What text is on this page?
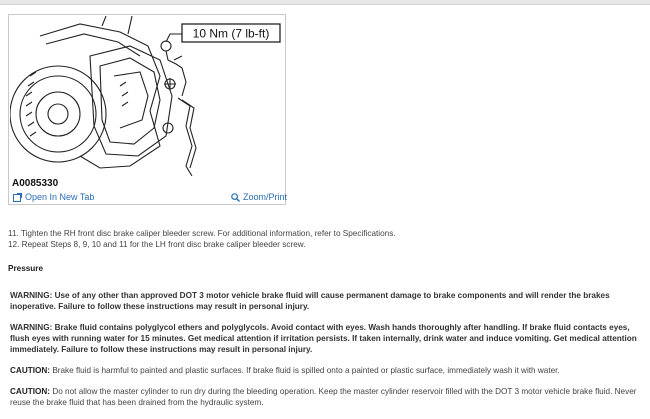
10 Nm (7 lb-ft)
A0085330
Open In New Tab	Zoom/Print

11. Tighten the RH front disc brake caliper bleeder screw. For additional information, refer to Specifications.

12. Repeat Steps 8, 9, 10 and 11 for the LH front disc brake caliper bleeder screw.

Pressure

WARNING: Use of any other than approved DOT 3 motor vehicle brake fluid will cause permanent damage to brake components and will render the brakes inoperative. Failure to follow these instructions may result in personal injury.

WARNING: Brake fluid contains polyglycol ethers and polyglycols. Avoid contact with eyes. Wash hands thoroughly after handling. If brake fluid contacts eyes, flush eyes with running water for 15 minutes. Get medical attention if irritation persists. If taken internally, drink water and induce vomiting. Get medical attention immediately. Failure to follow these instructions may result in personal injury.

CAUTION: Brake fluid is harmful to painted and plastic surfaces. If brake fluid is spilled onto a painted or plastic surface, immediately wash it with water.

CAUTION: Do not allow the master cylinder to run dry during the bleeding operation. Keep the master cylinder reservoir filled with the DOT 3 motor vehicle brake fluid. Never reuse the brake fluid that has been drained from the hydraulic system.
